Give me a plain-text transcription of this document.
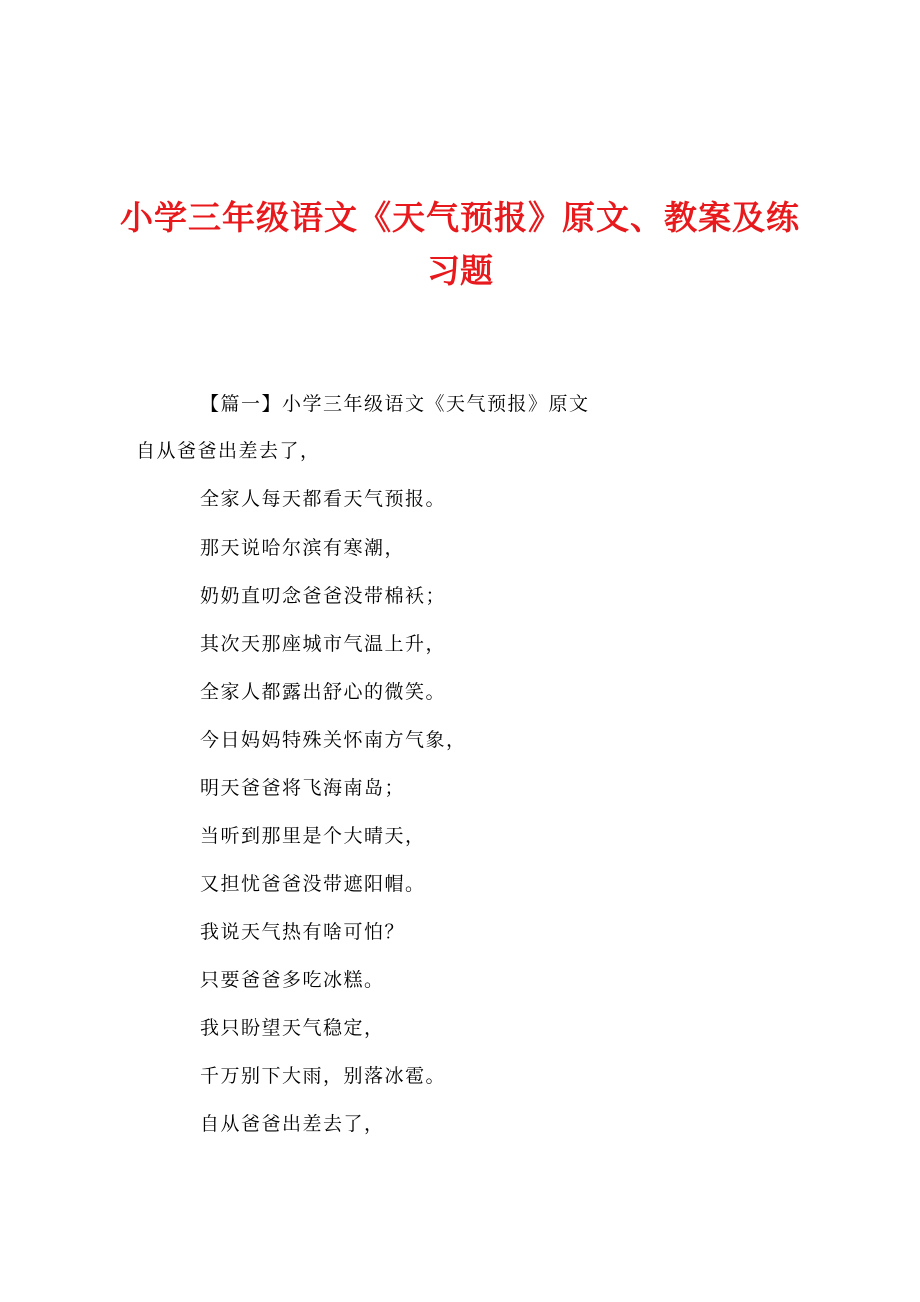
小学三年级语文《天气预报》原文、教案及练
习题
【篇一】小学三年级语文《天气预报》原文
自从爸爸出差去了，
全家人每天都看天气预报。
那天说哈尔滨有寒潮，
奶奶直叨念爸爸没带棉袄；
其次天那座城市气温上升，
全家人都露出舒心的微笑。
今日妈妈特殊关怀南方气象，
明天爸爸将飞海南岛；
当听到那里是个大晴天，
又担忧爸爸没带遮阳帽。
我说天气热有啥可怕？
只要爸爸多吃冰糕。
我只盼望天气稳定，
千万别下大雨，别落冰雹。
自从爸爸出差去了，
